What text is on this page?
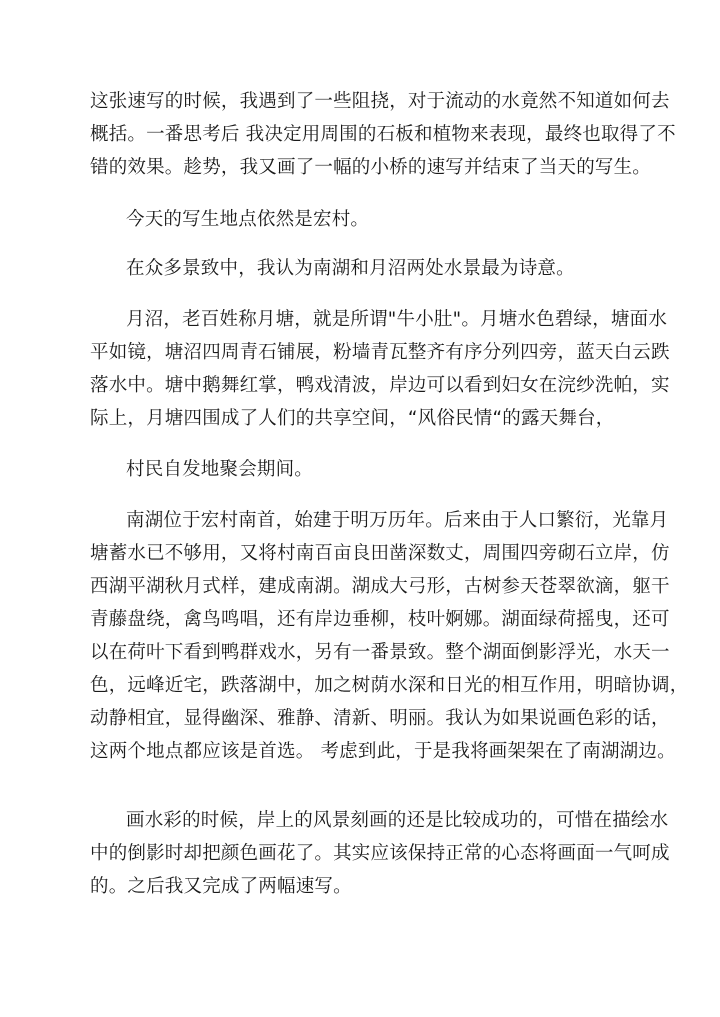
这张速写的时候，我遇到了一些阻挠，对于流动的水竟然不知道如何去
概括。一番思考后 我决定用周围的石板和植物来表现，最终也取得了不
错的效果。趁势，我又画了一幅的小桥的速写并结束了当天的写生。
今天的写生地点依然是宏村。
在众多景致中，我认为南湖和月沼两处水景最为诗意。
月沼，老百姓称月塘，就是所谓"牛小肚"。月塘水色碧绿，塘面水
平如镜，塘沼四周青石铺展，粉墙青瓦整齐有序分列四旁，蓝天白云跌
落水中。塘中鹅舞红掌，鸭戏清波，岸边可以看到妇女在浣纱洗帕，实
际上，月塘四围成了人们的共享空间，“风俗民情“的露天舞台，
村民自发地聚会期间。
南湖位于宏村南首，始建于明万历年。后来由于人口繁衍，光靠月
塘蓄水已不够用，又将村南百亩良田凿深数丈，周围四旁砌石立岸，仿
西湖平湖秋月式样，建成南湖。湖成大弓形，古树参天苍翠欲滴，躯干
青藤盘绕，禽鸟鸣唱，还有岸边垂柳，枝叶婀娜。湖面绿荷摇曳，还可
以在荷叶下看到鸭群戏水，另有一番景致。整个湖面倒影浮光，水天一
色，远峰近宅，跌落湖中，加之树荫水深和日光的相互作用，明暗协调，
动静相宜，显得幽深、雅静、清新、明丽。我认为如果说画色彩的话，
这两个地点都应该是首选。 考虑到此，于是我将画架架在了南湖湖边。
画水彩的时候，岸上的风景刻画的还是比较成功的，可惜在描绘水
中的倒影时却把颜色画花了。其实应该保持正常的心态将画面一气呵成
的。之后我又完成了两幅速写。
